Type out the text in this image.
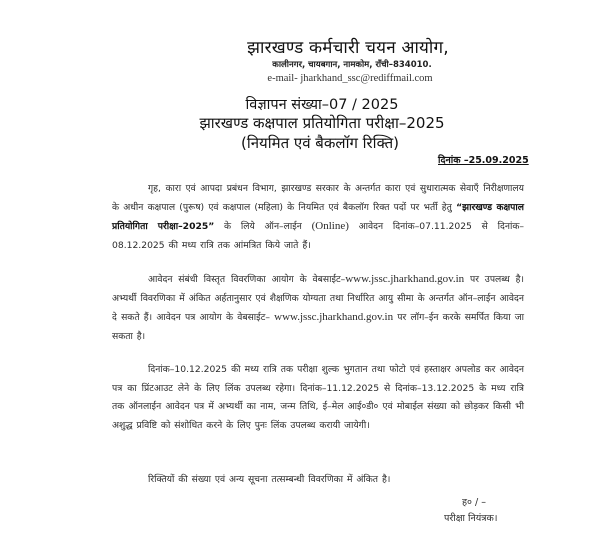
झारखण्ड कर्मचारी चयन आयोग,
कालीनगर, चायबगान, नामकोम, राँची–834010.
e-mail- jharkhand_ssc@rediffmail.com
विज्ञापन संख्या–07 / 2025
झारखण्ड कक्षपाल प्रतियोगिता परीक्षा–2025
(नियमित एवं बैकलॉग रिक्ति)
दिनांक –25.09.2025

गृह, कारा एवं आपदा प्रबंधन विभाग, झारखण्ड सरकार के अन्तर्गत कारा एवं सुधारात्मक सेवाएँ निरीक्षणालय के अधीन कक्षपाल (पुरूष) एवं कक्षपाल (महिला) के नियमित एवं बैकलॉग रिक्त पदों पर भर्ती हेतु “झारखण्ड कक्षपाल प्रतियोगिता परीक्षा–2025” के लिये ऑन–लाईन (Online) आवेदन दिनांक–07.11.2025 से दिनांक–08.12.2025 की मध्य रात्रि तक आंमत्रित किये जाते हैं।

आवेदन संबंधी विस्तृत विवरणिका आयोग के वेबसाईट–www.jssc.jharkhand.gov.in पर उपलब्ध है। अभ्यर्थी विवरणिका में अंकित अर्हतानुसार एवं शैक्षणिक योग्यता तथा निर्धारित आयु सीमा के अन्तर्गत ऑन–लाईन आवेदन दे सकते हैं। आवेदन पत्र आयोग के वेबसाईट– www.jssc.jharkhand.gov.in पर लॉग–ईन करके समर्पित किया जा सकता है।

दिनांक–10.12.2025 की मध्य रात्रि तक परीक्षा शुल्क भुगतान तथा फोटो एवं हस्ताक्षर अपलोड कर आवेदन पत्र का प्रिंटआउट लेने के लिए लिंक उपलब्ध रहेगा। दिनांक–11.12.2025 से दिनांक–13.12.2025 के मध्य रात्रि तक ऑनलाईन आवेदन पत्र में अभ्यर्थी का नाम, जन्म तिथि, ई–मेल आई०डी० एवं मोबाईल संख्या को छोड़कर किसी भी अशुद्ध प्रविष्टि को संशोधित करने के लिए पुनः लिंक उपलब्ध करायी जायेगी।

रिक्तियों की संख्या एवं अन्य सूचना तत्सम्बन्धी विवरणिका में अंकित है।

ह० / –
परीक्षा नियंत्रक।
